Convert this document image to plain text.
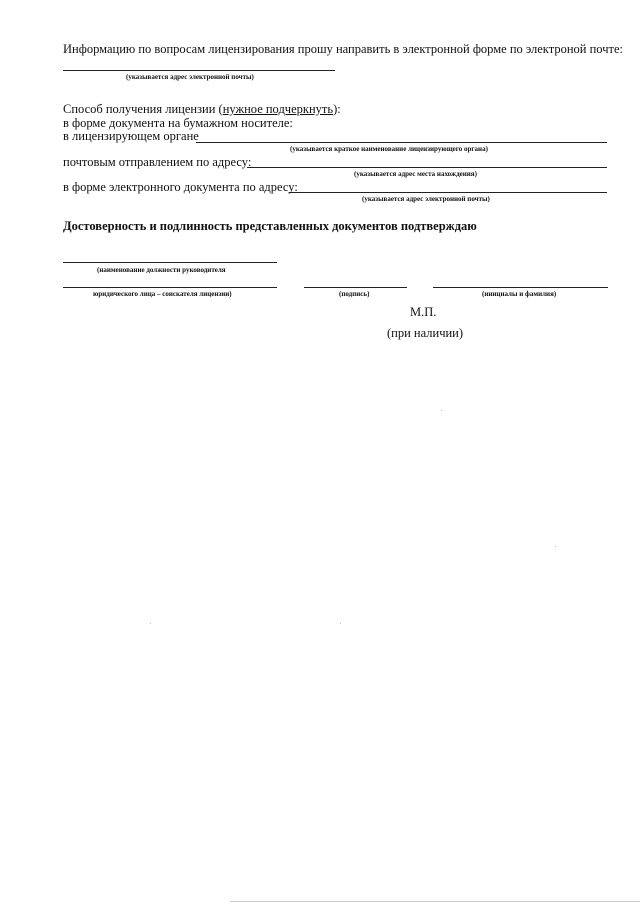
Информацию по вопросам лицензирования прошу направить в электронной форме по электроной почте:
(указывается адрес электронной почты)
Способ получения лицензии (нужное подчеркнуть):
в форме документа на бумажном носителе:
в лицензирующем органе
(указывается краткое наименование лицензирующего органа)
почтовым отправлением по адресу:
(указывается адрес места нахождения)
в форме электронного документа по адресу:
(указывается адрес электронной почты)
Достоверность и подлинность представленных документов подтверждаю
(наименование должности руководителя
юридического лица – соискателя лицензии)	(подпись)	(инициалы и фамилия)
М.П.
(при наличии)
